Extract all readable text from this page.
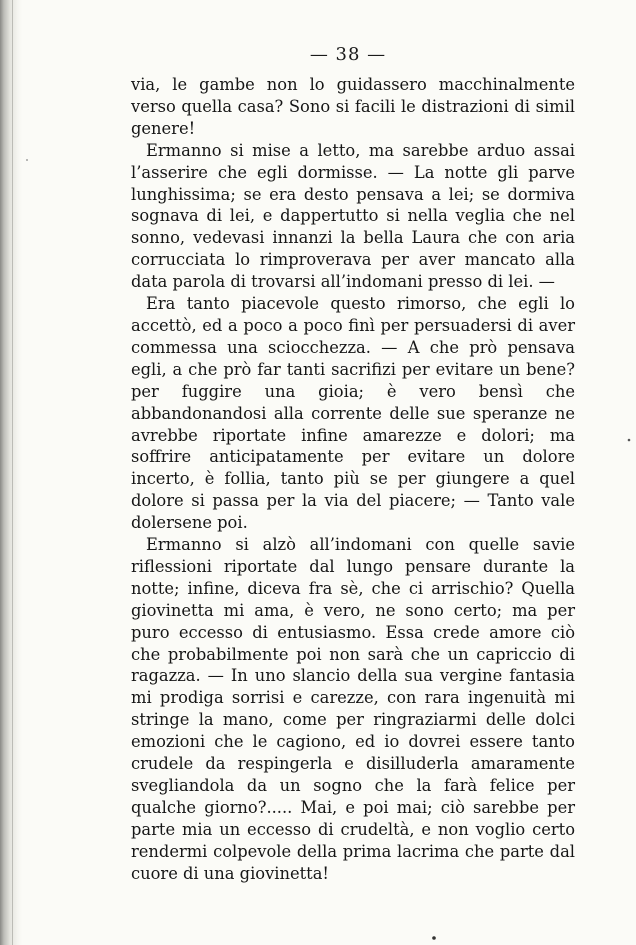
— 38 —

via, le gambe non lo guidassero macchinalmente verso quella casa? Sono si facili le distrazioni di simil genere!

Ermanno si mise a letto, ma sarebbe arduo assai l’asserire che egli dormisse. — La notte gli parve lunghissima; se era desto pensava a lei; se dormiva sognava di lei, e dappertutto si nella veglia che nel sonno, vedevasi innanzi la bella Laura che con aria corrucciata lo rimproverava per aver mancato alla data parola di trovarsi all’indomani presso di lei. —

Era tanto piacevole questo rimorso, che egli lo accettò, ed a poco a poco finì per persuadersi di aver commessa una sciocchezza. — A che prò pensava egli, a che prò far tanti sacrifizi per evitare un bene? per fuggire una gioia; è vero bensì che abbandonandosi alla corrente delle sue speranze ne avrebbe riportate infine amarezze e dolori; ma soffrire anticipatamente per evitare un dolore incerto, è follia, tanto più se per giungere a quel dolore si passa per la via del piacere; — Tanto vale dolersene poi.

Ermanno si alzò all’indomani con quelle savie riflessioni riportate dal lungo pensare durante la notte; infine, diceva fra sè, che ci arrischio? Quella giovinetta mi ama, è vero, ne sono certo; ma per puro eccesso di entusiasmo. Essa crede amore ciò che probabilmente poi non sarà che un capriccio di ragazza. — In uno slancio della sua vergine fantasia mi prodiga sorrisi e carezze, con rara ingenuità mi stringe la mano, come per ringraziarmi delle dolci emozioni che le cagiono, ed io dovrei essere tanto crudele da respingerla e disilluderla amaramente svegliandola da un sogno che la farà felice per qualche giorno?..... Mai, e poi mai; ciò sarebbe per parte mia un eccesso di crudeltà, e non voglio certo rendermi colpevole della prima lacrima che parte dal cuore di una giovinetta!
